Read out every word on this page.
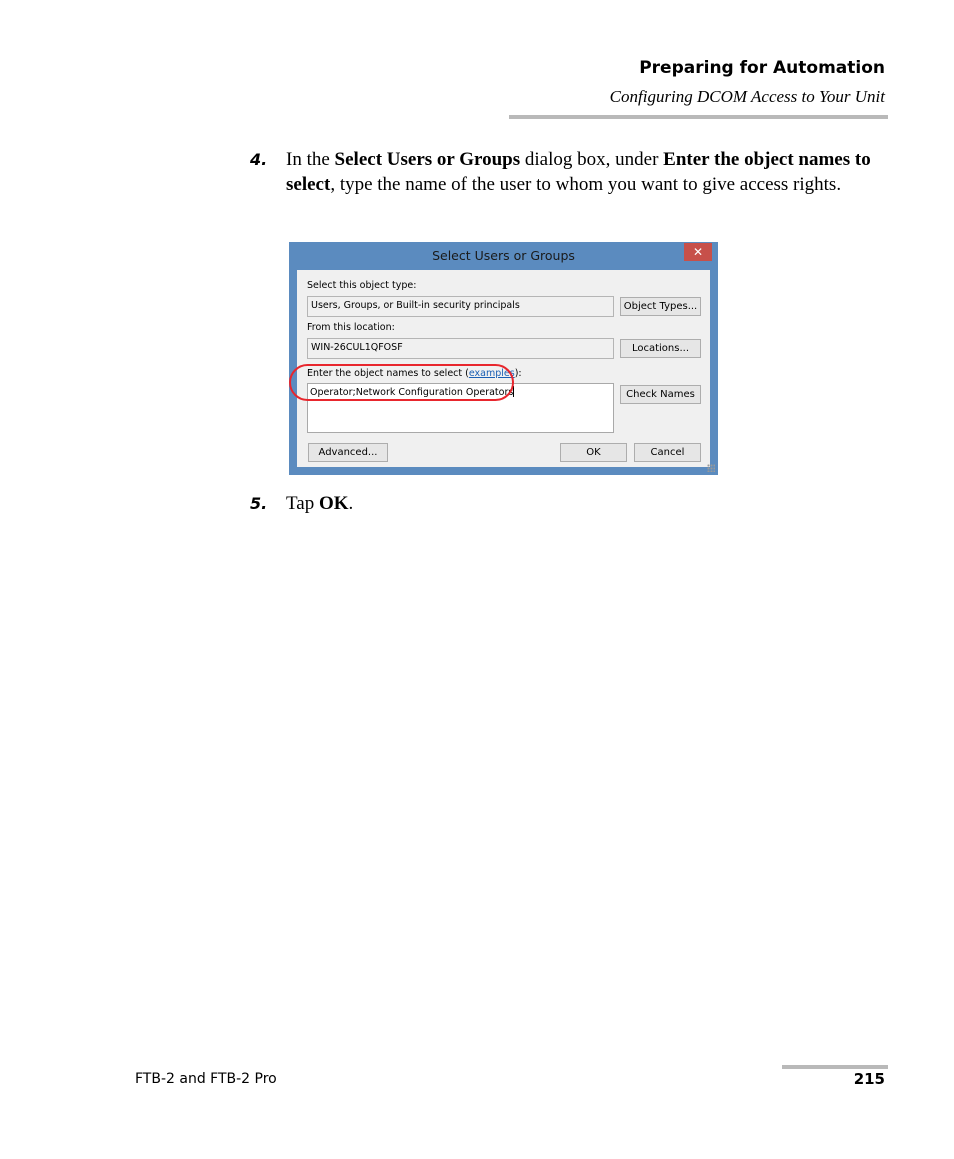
Preparing for Automation
Configuring DCOM Access to Your Unit
4. In the Select Users or Groups dialog box, under Enter the object names to select, type the name of the user to whom you want to give access rights.
Select Users or Groups	✕
Select this object type:
Users, Groups, or Built-in security principals	Object Types...
From this location:
WIN-26CUL1QFOSF	Locations...
Enter the object names to select (examples):
Operator;Network Configuration Operators	Check Names
Advanced...	OK	Cancel
5. Tap OK.
FTB-2 and FTB-2 Pro	215
